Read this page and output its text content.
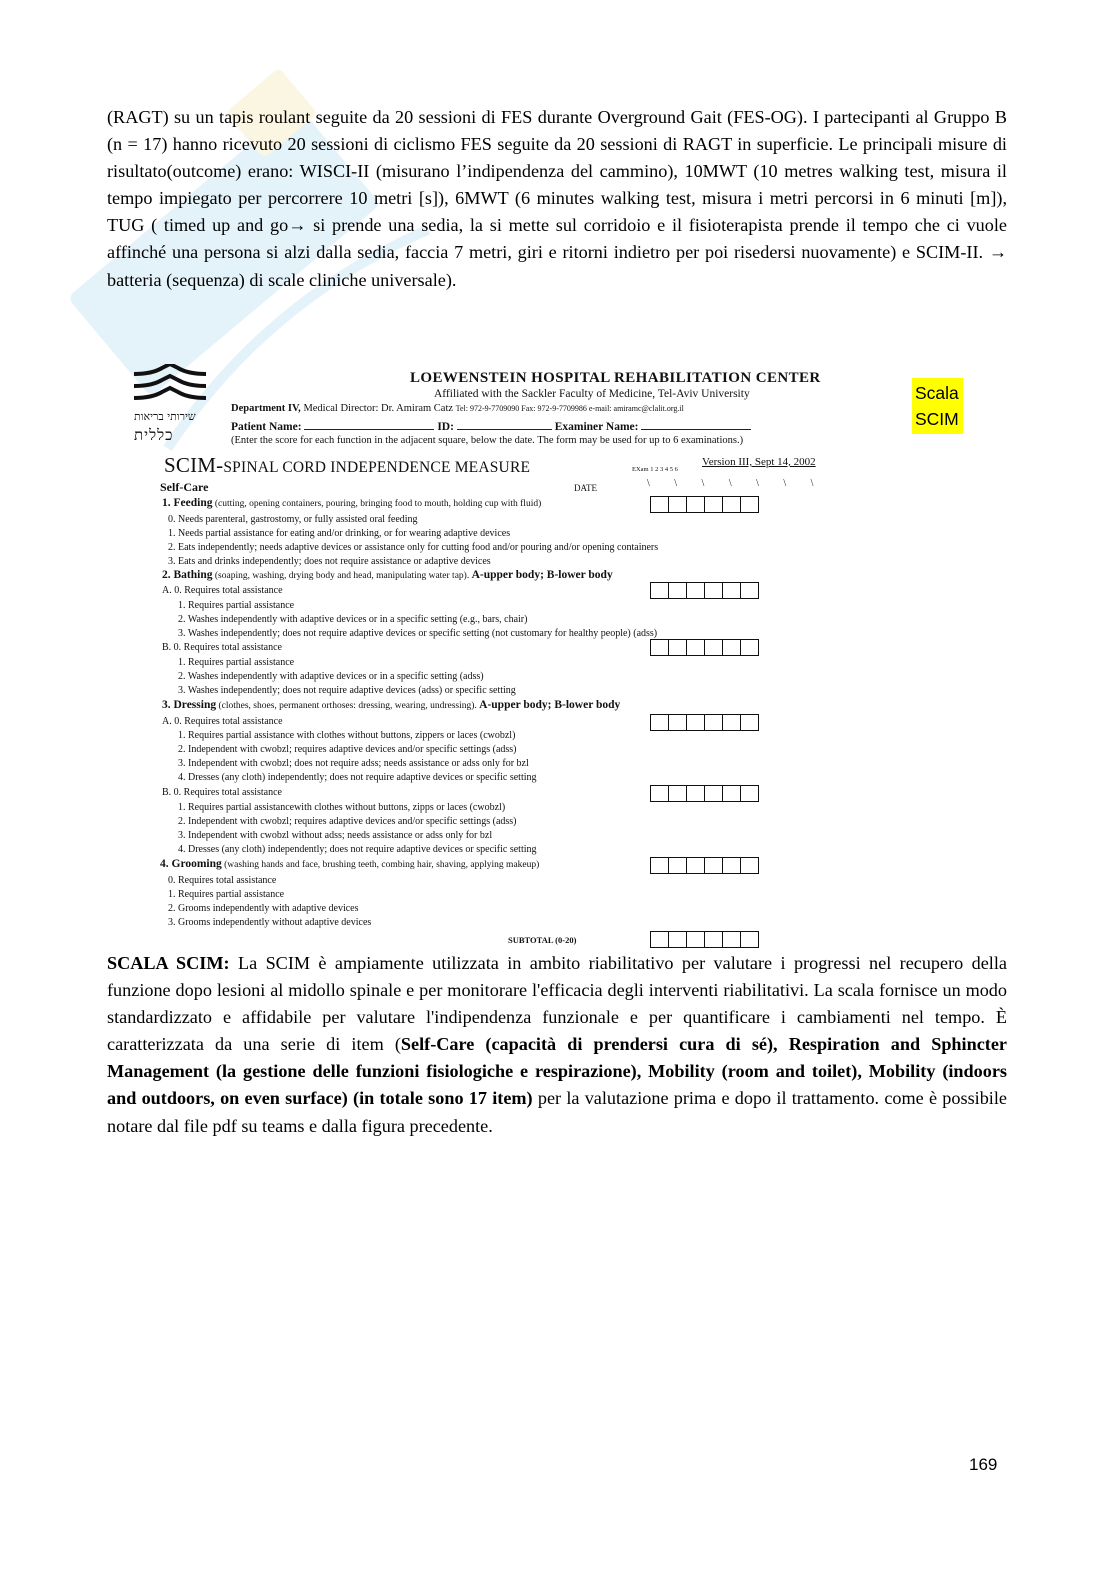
(RAGT) su un tapis roulant seguite da 20 sessioni di FES durante Overground Gait (FES-OG). I partecipanti al Gruppo B (n = 17) hanno ricevuto 20 sessioni di ciclismo FES seguite da 20 sessioni di RAGT in superficie. Le principali misure di risultato(outcome) erano: WISCI-II (misurano l’indipendenza del cammino), 10MWT (10 metres walking test, misura il tempo impiegato per percorrere 10 metri [s]), 6MWT (6 minutes walking test, misura i metri percorsi in 6 minuti [m]), TUG ( timed up and go→ si prende una sedia, la si mette sul corridoio e il fisioterapista prende il tempo che ci vuole affinché una persona si alzi dalla sedia, faccia 7 metri, giri e ritorni indietro per poi risedersi nuovamente) e SCIM-II. → batteria (sequenza) di scale cliniche universale).

שירותי בריאות
כללית
LOEWENSTEIN HOSPITAL REHABILITATION CENTER
Affiliated with the Sackler Faculty of Medicine, Tel-Aviv University
Department IV, Medical Director: Dr. Amiram Catz Tel: 972-9-7709090 Fax: 972-9-7709986 e-mail: amiramc@clalit.org.il
Patient Name:	ID:	Examiner Name:
(Enter the score for each function in the adjacent square, below the date. The form may be used for up to 6 examinations.)
SCIM-SPINAL CORD INDEPENDENCE MEASURE	Version III, Sept 14, 2002
EXam 1 2 3 4 5 6
Self-Care	DATE	\ \ \ \ \ \ \
1. Feeding (cutting, opening containers, pouring, bringing food to mouth, holding cup with fluid)
0. Needs parenteral, gastrostomy, or fully assisted oral feeding
1. Needs partial assistance for eating and/or drinking, or for wearing adaptive devices
2. Eats independently; needs adaptive devices or assistance only for cutting food and/or pouring and/or opening containers
3. Eats and drinks independently; does not require assistance or adaptive devices
2. Bathing (soaping, washing, drying body and head, manipulating water tap). A-upper body; B-lower body
A. 0. Requires total assistance
1. Requires partial assistance
2. Washes independently with adaptive devices or in a specific setting (e.g., bars, chair)
3. Washes independently; does not require adaptive devices or specific setting (not customary for healthy people) (adss)
B. 0. Requires total assistance
1. Requires partial assistance
2. Washes independently with adaptive devices or in a specific setting (adss)
3. Washes independently; does not require adaptive devices (adss) or specific setting
3. Dressing (clothes, shoes, permanent orthoses: dressing, wearing, undressing). A-upper body; B-lower body
A. 0. Requires total assistance
1. Requires partial assistance with clothes without buttons, zippers or laces (cwobzl)
2. Independent with cwobzl; requires adaptive devices and/or specific settings (adss)
3. Independent with cwobzl; does not require adss; needs assistance or adss only for bzl
4. Dresses (any cloth) independently; does not require adaptive devices or specific setting
B. 0. Requires total assistance
1. Requires partial assistancewith clothes without buttons, zipps or laces (cwobzl)
2. Independent with cwobzl; requires adaptive devices and/or specific settings (adss)
3. Independent with cwobzl without adss; needs assistance or adss only for bzl
4. Dresses (any cloth) independently; does not require adaptive devices or specific setting
4. Grooming (washing hands and face, brushing teeth, combing hair, shaving, applying makeup)
0. Requires total assistance
1. Requires partial assistance
2. Grooms independently with adaptive devices
3. Grooms independently without adaptive devices
SUBTOTAL (0-20)
Scala
SCIM

SCALA SCIM: La SCIM è ampiamente utilizzata in ambito riabilitativo per valutare i progressi nel recupero della funzione dopo lesioni al midollo spinale e per monitorare l'efficacia degli interventi riabilitativi. La scala fornisce un modo standardizzato e affidabile per valutare l'indipendenza funzionale e per quantificare i cambiamenti nel tempo. È caratterizzata da una serie di item (Self-Care (capacità di prendersi cura di sé), Respiration and Sphincter Management (la gestione delle funzioni fisiologiche e respirazione), Mobility (room and toilet), Mobility (indoors and outdoors, on even surface) (in totale sono 17 item) per la valutazione prima e dopo il trattamento. come è possibile notare dal file pdf su teams e dalla figura precedente.

169
